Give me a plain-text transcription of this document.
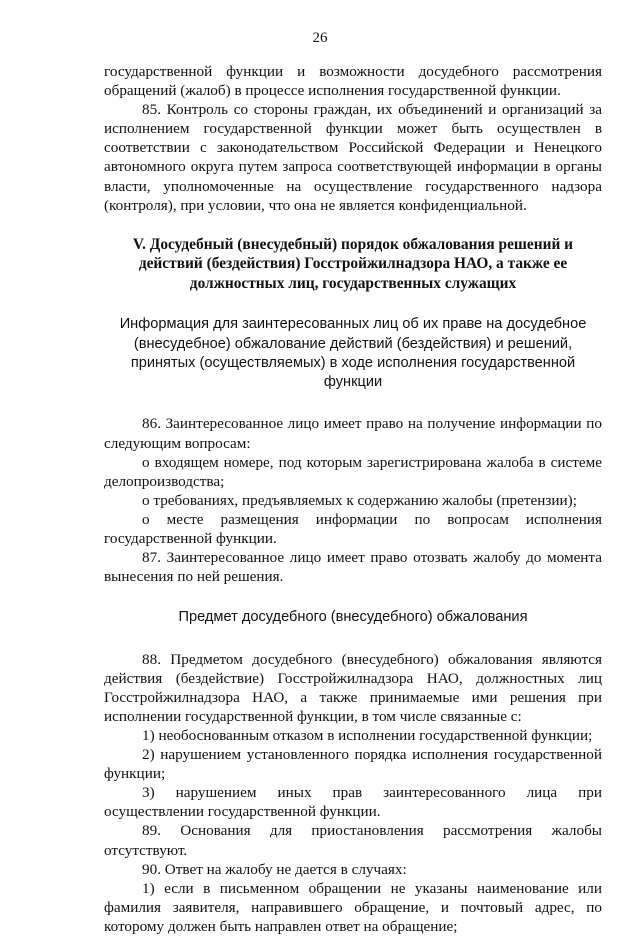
26

государственной функции и возможности досудебного рассмотрения обращений (жалоб) в процессе исполнения государственной функции.

85. Контроль со стороны граждан, их объединений и организаций за исполнением государственной функции может быть осуществлен в соответствии с законодательством Российской Федерации и Ненецкого автономного округа путем запроса соответствующей информации в органы власти, уполномоченные на осуществление государственного надзора (контроля), при условии, что она не является конфиденциальной.

V. Досудебный (внесудебный) порядок обжалования решений и действий (бездействия) Госстройжилнадзора НАО, а также ее должностных лиц, государственных служащих
Информация для заинтересованных лиц об их праве на досудебное (внесудебное) обжалование действий (бездействия) и решений, принятых (осуществляемых) в ходе исполнения государственной функции

86. Заинтересованное лицо имеет право на получение информации по следующим вопросам:

о входящем номере, под которым зарегистрирована жалоба в системе делопроизводства;

о требованиях, предъявляемых к содержанию жалобы (претензии);

о месте размещения информации по вопросам исполнения государственной функции.

87. Заинтересованное лицо имеет право отозвать жалобу до момента вынесения по ней решения.

Предмет досудебного (внесудебного) обжалования

88. Предметом досудебного (внесудебного) обжалования являются действия (бездействие) Госстройжилнадзора НАО, должностных лиц Госстройжилнадзора НАО, а также принимаемые ими решения при исполнении государственной функции, в том числе связанные с:

1) необоснованным отказом в исполнении государственной функции;

2) нарушением установленного порядка исполнения государственной функции;

3) нарушением иных прав заинтересованного лица при осуществлении государственной функции.

89. Основания для приостановления рассмотрения жалобы отсутствуют.

90. Ответ на жалобу не дается в случаях:

1) если в письменном обращении не указаны наименование или фамилия заявителя, направившего обращение, и почтовый адрес, по которому должен быть направлен ответ на обращение;
